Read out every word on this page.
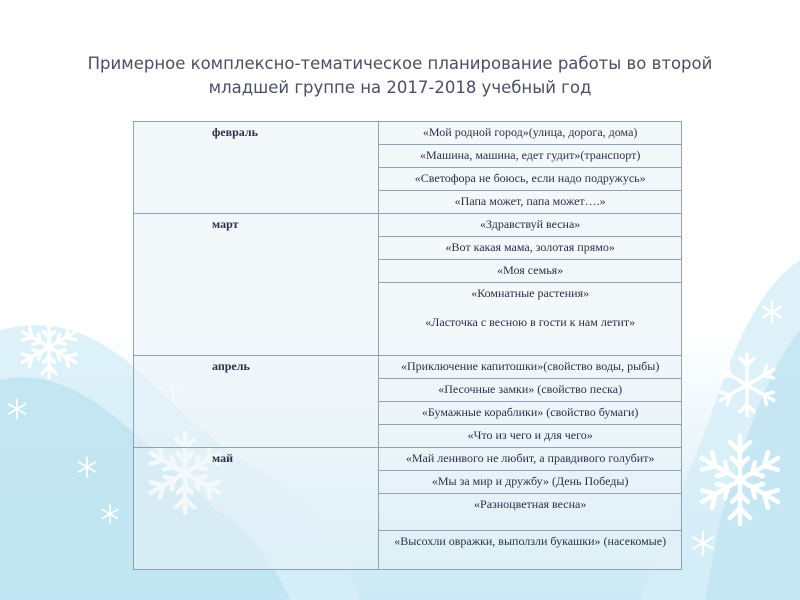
Примерное комплексно-тематическое планирование работы во второй
младшей группе на 2017-2018 учебный год
февраль	«Мой родной город»(улица, дорога, дома)
	«Машина, машина, едет гудит»(транспорт)
	«Светофора не боюсь, если надо подружусь»
	«Папа может, папа может….»
март	«Здравствуй весна»
	«Вот какая мама, золотая прямо»
	«Моя семья»

	«Комнатные растения»
«Ласточка с весною в гости к нам летит»

апрель	«Приключение капитошки»(свойство воды, рыбы)
	«Песочные замки» (свойство песка)
	«Бумажные кораблики» (свойство бумаги)
	«Что из чего и для чего»
май	«Май ленивого не любит, а правдивого голубит»
	«Мы за мир и дружбу» (День Победы)
	«Разноцветная весна»
	«Высохли овражки, выползли букашки» (насекомые)
